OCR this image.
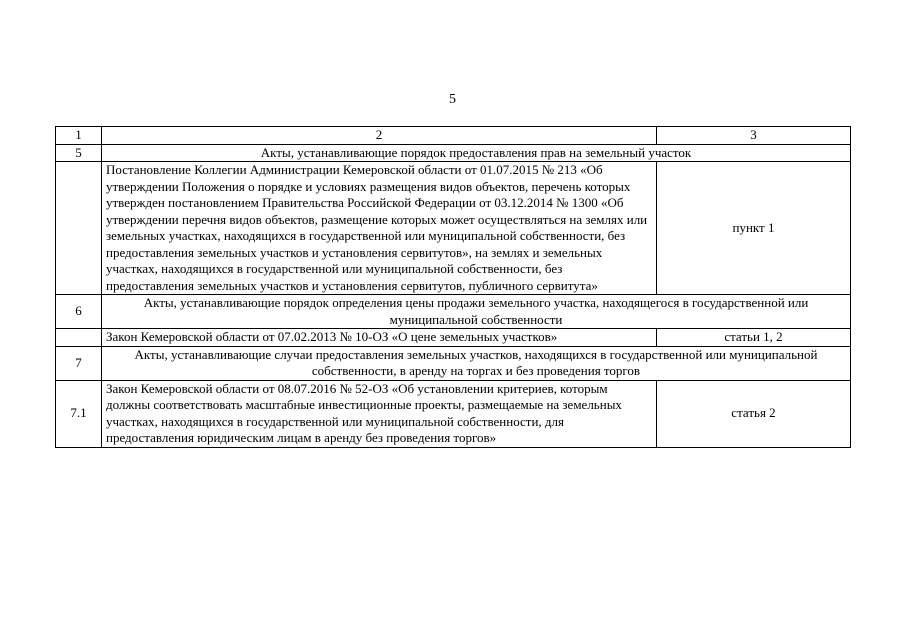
5
1	2	3
5	Акты, устанавливающие порядок предоставления прав на земельный участок	
	Постановление Коллегии Администрации Кемеровской области от 01.07.2015 № 213 «Об утверждении Положения о порядке и условиях размещения видов объектов, перечень которых утвержден постановлением Правительства Российской Федерации от 03.12.2014 № 1300 «Об утверждении перечня видов объектов, размещение которых может осуществляться на землях или земельных участках, находящихся в государственной или муниципальной собственности, без предоставления земельных участков и установления сервитутов», на землях и земельных участках, находящихся в государственной или муниципальной собственности, без предоставления земельных участков и установления сервитутов, публичного сервитута»	пункт 1
6	Акты, устанавливающие порядок определения цены продажи земельного участка, находящегося в государственной или муниципальной собственности	
	Закон Кемеровской области от 07.02.2013 № 10-ОЗ «О цене земельных участков»	статьи 1, 2
7	Акты, устанавливающие случаи предоставления земельных участков, находящихся в государственной или муниципальной собственности, в аренду на торгах и без проведения торгов	
7.1	Закон Кемеровской области от 08.07.2016 № 52-ОЗ «Об установлении критериев, которым должны соответствовать масштабные инвестиционные проекты, размещаемые на земельных участках, находящихся в государственной или муниципальной собственности, для предоставления юридическим лицам в аренду без проведения торгов»	статья 2
